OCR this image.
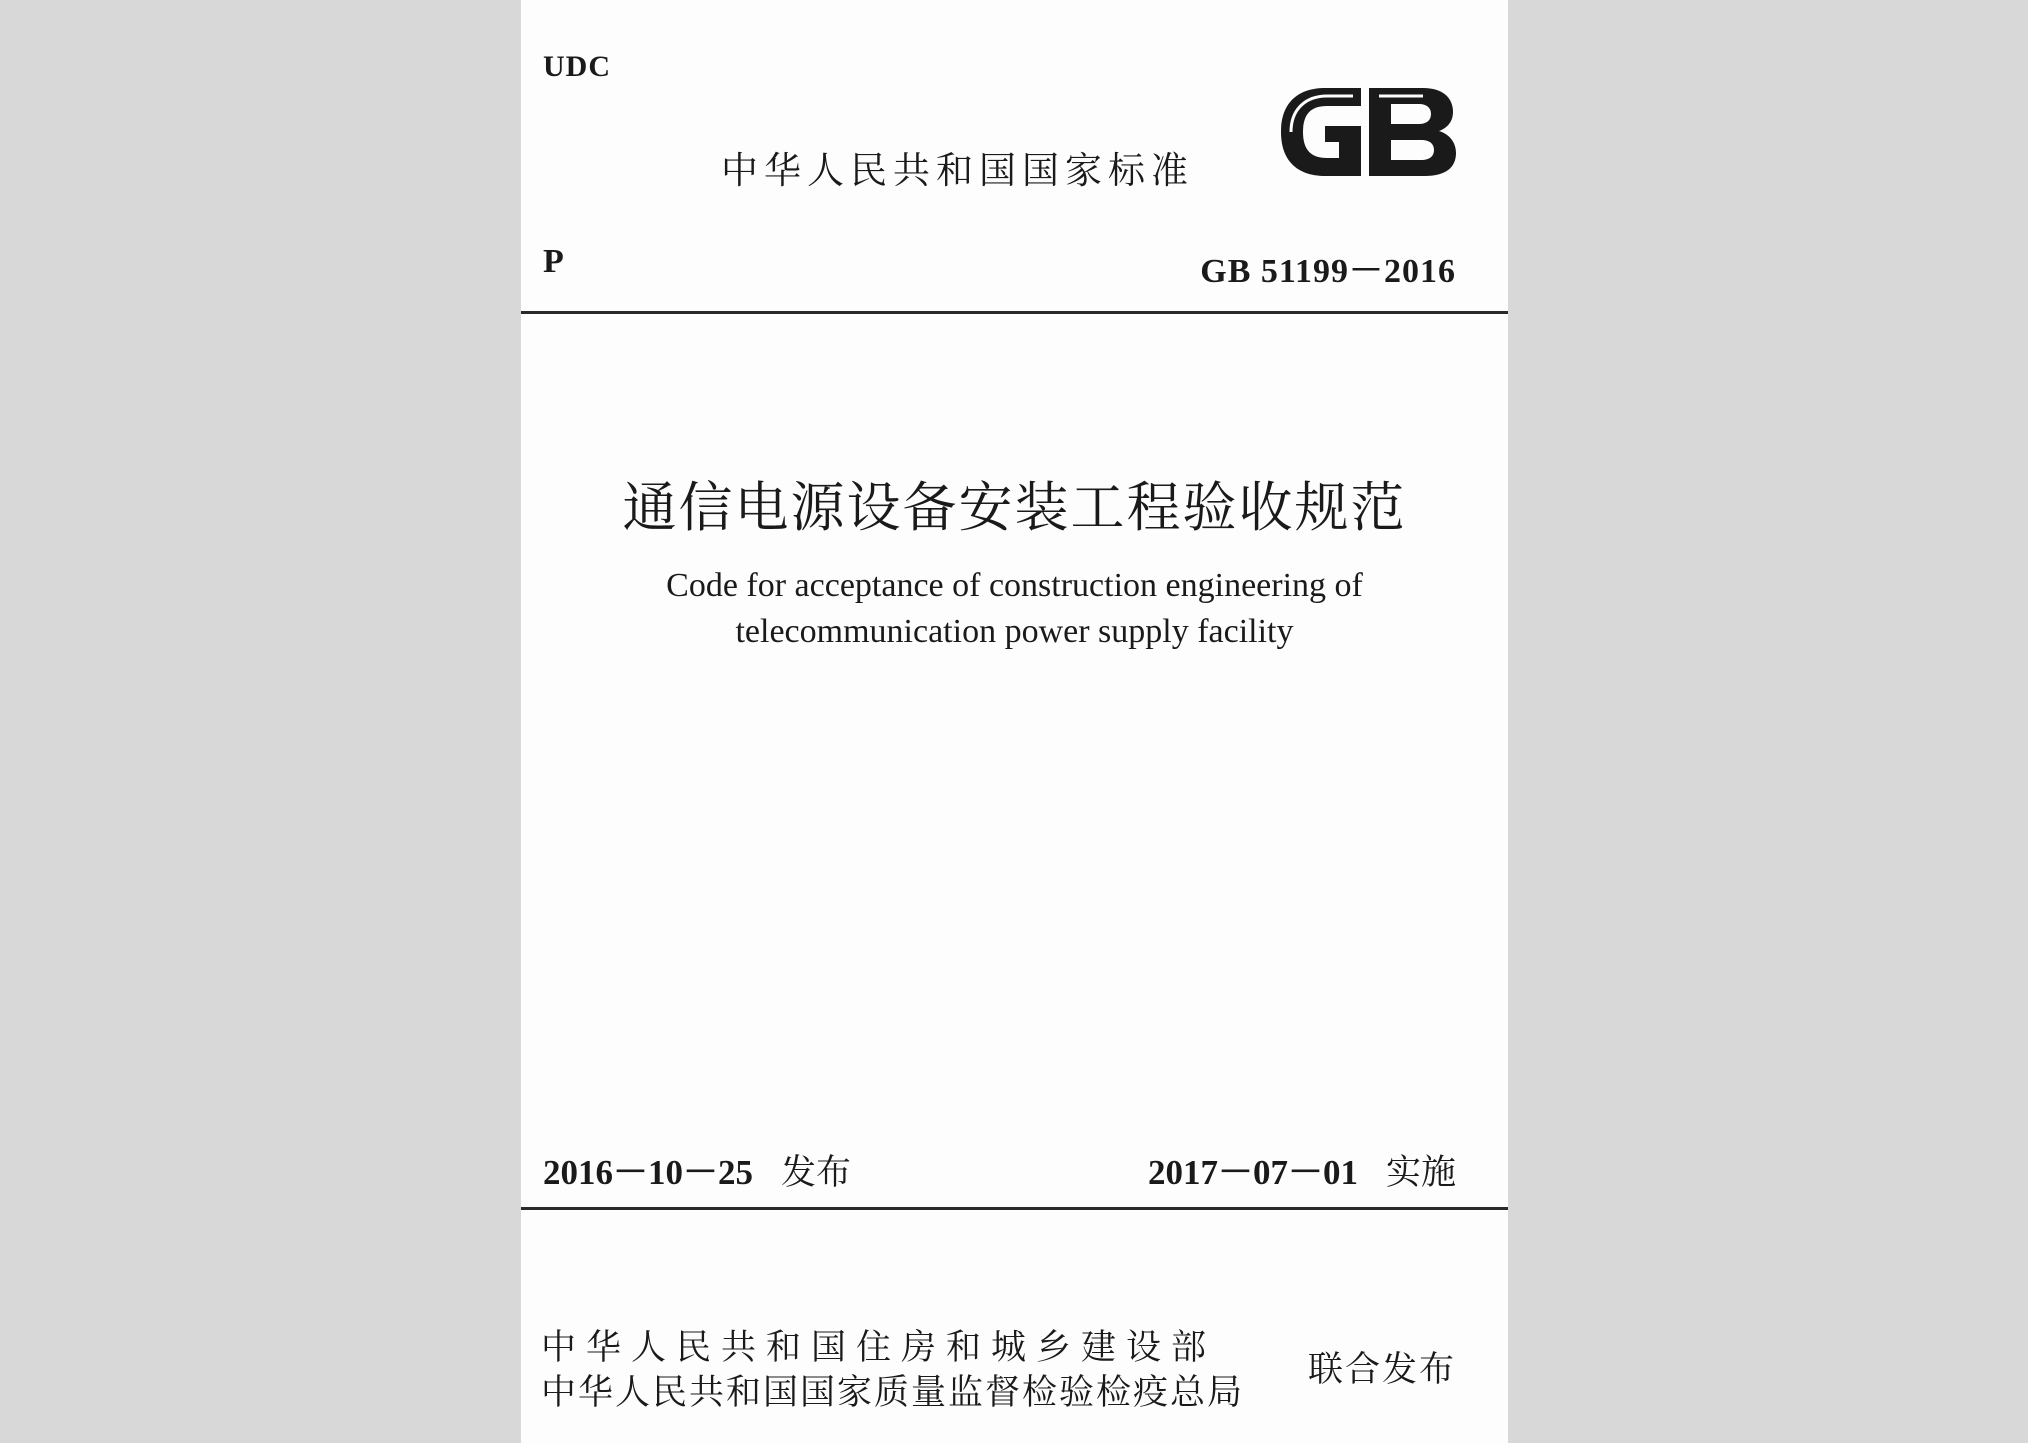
UDC
中华人民共和国国家标准
P	GB 51199－2016
通信电源设备安装工程验收规范
Code for acceptance of construction engineering of
telecommunication power supply facility
2016－10－25 发布	2017－07－01 实施
中华人民共和国住房和城乡建设部
中华人民共和国国家质量监督检验检疫总局
联合发布
